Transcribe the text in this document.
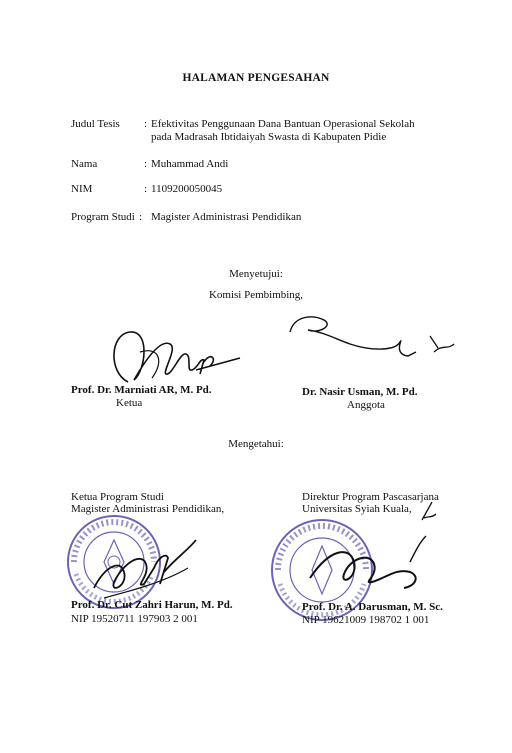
HALAMAN PENGESAHAN
Judul Tesis : Efektivitas Penggunaan Dana Bantuan Operasional Sekolah
pada Madrasah Ibtidaiyah Swasta di Kabupaten Pidie
Nama	: Muhammad Andi
NIM	: 1109200050045
Program Studi : Magister Administrasi Pendidikan
Menyetujui:
Komisi Pembimbing,
Prof. Dr. Marniati AR, M. Pd.
Ketua
Dr. Nasir Usman, M. Pd.
Anggota
Mengetahui:
Ketua Program Studi
Magister Administrasi Pendidikan,
Direktur Program Pascasarjana
Universitas Syiah Kuala,
Prof. Dr. Cut Zahri Harun, M. Pd.
NIP 19520711 197903 2 001
Prof. Dr. A. Darusman, M. Sc.
NIP 19621009 198702 1 001
